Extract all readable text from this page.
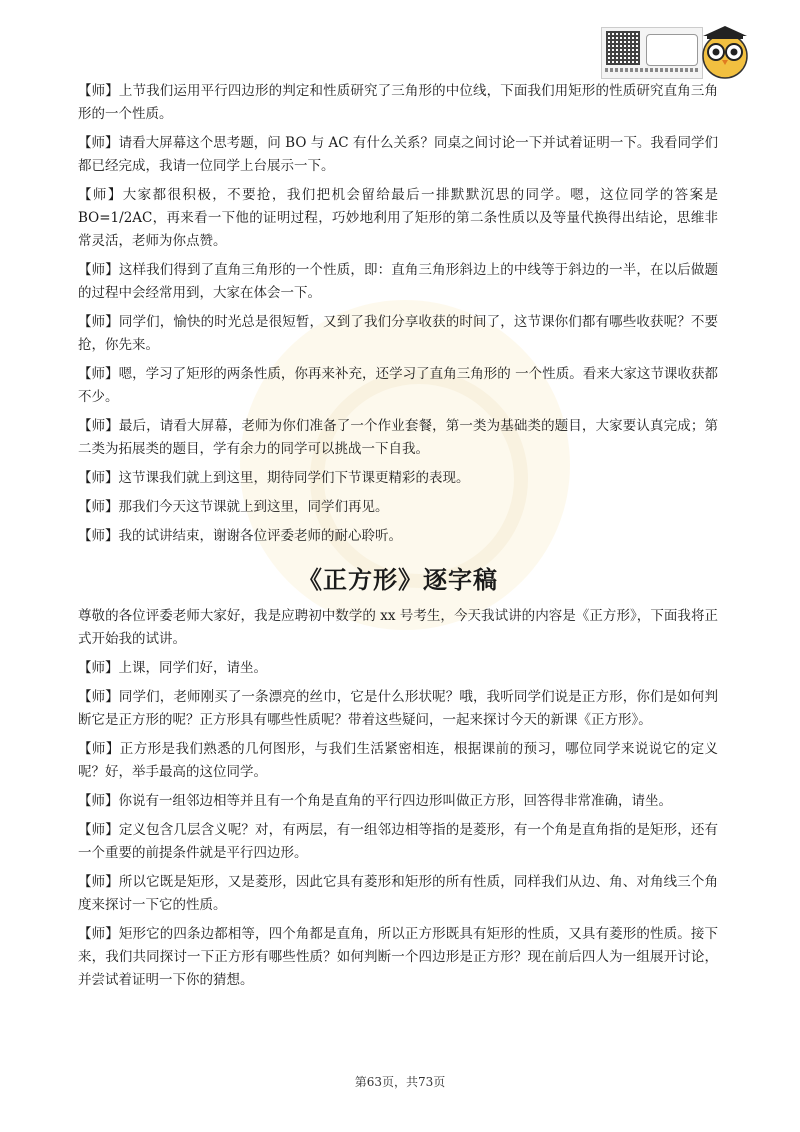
【师】上节我们运用平行四边形的判定和性质研究了三角形的中位线，下面我们用矩形的性质研究直角三角形的一个性质。

【师】请看大屏幕这个思考题，问 BO 与 AC 有什么关系？同桌之间讨论一下并试着证明一下。我看同学们都已经完成，我请一位同学上台展示一下。

【师】大家都很积极，不要抢，我们把机会留给最后一排默默沉思的同学。嗯，这位同学的答案是 BO=1/2AC，再来看一下他的证明过程，巧妙地利用了矩形的第二条性质以及等量代换得出结论，思维非常灵活，老师为你点赞。

【师】这样我们得到了直角三角形的一个性质，即：直角三角形斜边上的中线等于斜边的一半，在以后做题的过程中会经常用到，大家在体会一下。

【师】同学们，愉快的时光总是很短暂，又到了我们分享收获的时间了，这节课你们都有哪些收获呢？不要抢，你先来。

【师】嗯，学习了矩形的两条性质，你再来补充，还学习了直角三角形的 一个性质。看来大家这节课收获都不少。

【师】最后，请看大屏幕，老师为你们准备了一个作业套餐，第一类为基础类的题目，大家要认真完成；第二类为拓展类的题目，学有余力的同学可以挑战一下自我。

【师】这节课我们就上到这里，期待同学们下节课更精彩的表现。

【师】那我们今天这节课就上到这里，同学们再见。

【师】我的试讲结束，谢谢各位评委老师的耐心聆听。

《正方形》逐字稿

尊敬的各位评委老师大家好，我是应聘初中数学的 xx 号考生，今天我试讲的内容是《正方形》，下面我将正式开始我的试讲。

【师】上课，同学们好，请坐。

【师】同学们，老师刚买了一条漂亮的丝巾，它是什么形状呢？哦，我听同学们说是正方形，你们是如何判断它是正方形的呢？正方形具有哪些性质呢？带着这些疑问，一起来探讨今天的新课《正方形》。

【师】正方形是我们熟悉的几何图形，与我们生活紧密相连，根据课前的预习，哪位同学来说说它的定义呢？好，举手最高的这位同学。

【师】你说有一组邻边相等并且有一个角是直角的平行四边形叫做正方形，回答得非常准确，请坐。

【师】定义包含几层含义呢？对，有两层，有一组邻边相等指的是菱形，有一个角是直角指的是矩形，还有一个重要的前提条件就是平行四边形。

【师】所以它既是矩形，又是菱形，因此它具有菱形和矩形的所有性质，同样我们从边、角、对角线三个角度来探讨一下它的性质。

【师】矩形它的四条边都相等，四个角都是直角，所以正方形既具有矩形的性质，又具有菱形的性质。接下来，我们共同探讨一下正方形有哪些性质？如何判断一个四边形是正方形？现在前后四人为一组展开讨论，并尝试着证明一下你的猜想。

第63页，共73页
